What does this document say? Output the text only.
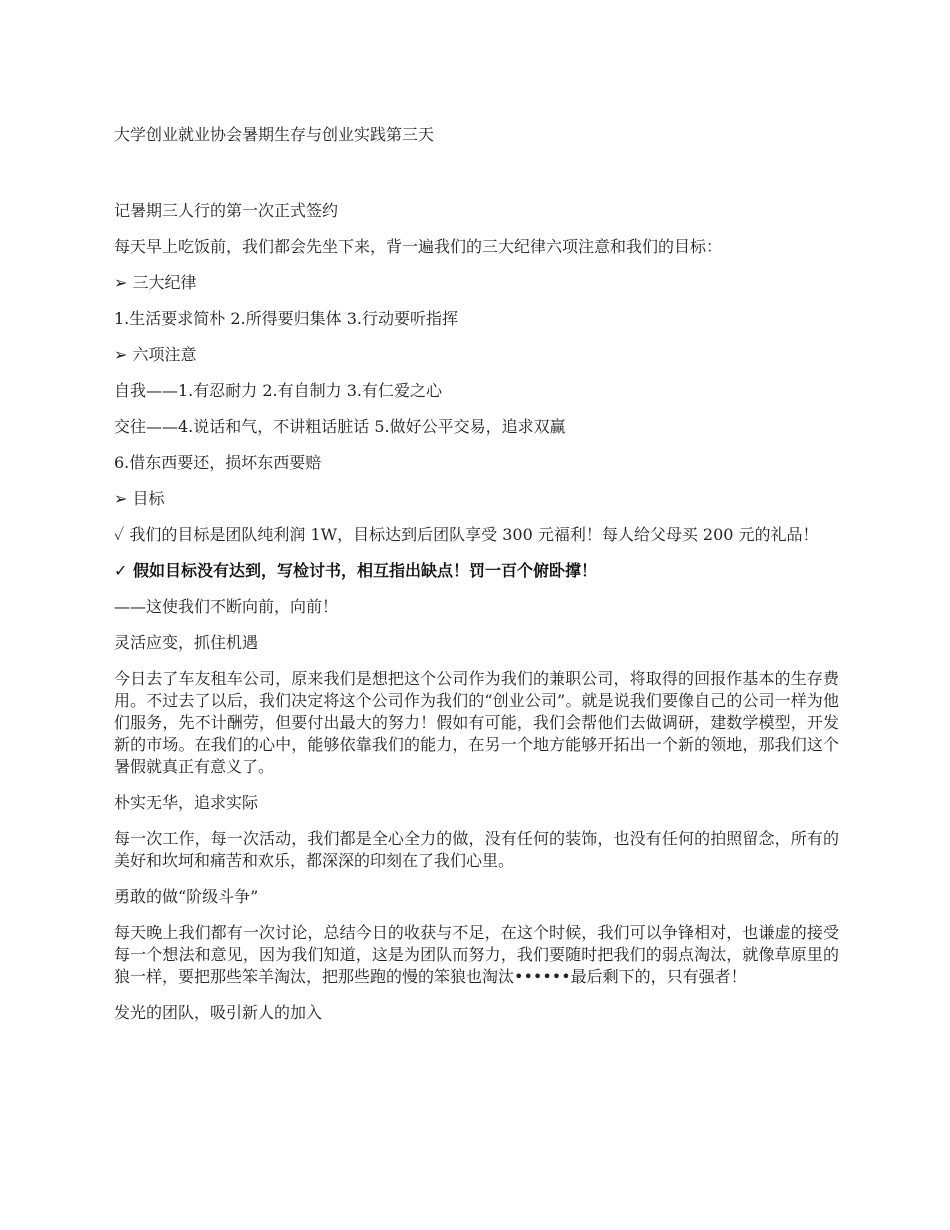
大学创业就业协会暑期生存与创业实践第三天

记暑期三人行的第一次正式签约

每天早上吃饭前，我们都会先坐下来，背一遍我们的三大纪律六项注意和我们的目标：

➢ 三大纪律

1.生活要求简朴 2.所得要归集体 3.行动要听指挥

➢ 六项注意

自我——1.有忍耐力 2.有自制力 3.有仁爱之心

交往——4.说话和气，不讲粗话脏话 5.做好公平交易，追求双赢

6.借东西要还，损坏东西要赔

➢ 目标

✓ 我们的目标是团队纯利润 1W，目标达到后团队享受 300 元福利！每人给父母买 200 元的礼品！

✓ 假如目标没有达到，写检讨书，相互指出缺点！罚一百个俯卧撑！

——这使我们不断向前，向前！

灵活应变，抓住机遇

今日去了车友租车公司，原来我们是想把这个公司作为我们的兼职公司，将取得的回报作基本的生存费用。不过去了以后，我们决定将这个公司作为我们的“创业公司”。就是说我们要像自己的公司一样为他们服务，先不计酬劳，但要付出最大的努力！假如有可能，我们会帮他们去做调研，建数学模型，开发新的市场。在我们的心中，能够依靠我们的能力，在另一个地方能够开拓出一个新的领地，那我们这个暑假就真正有意义了。

朴实无华，追求实际

每一次工作，每一次活动，我们都是全心全力的做，没有任何的装饰，也没有任何的拍照留念，所有的美好和坎坷和痛苦和欢乐，都深深的印刻在了我们心里。

勇敢的做“阶级斗争”

每天晚上我们都有一次讨论，总结今日的收获与不足，在这个时候，我们可以争锋相对，也谦虚的接受每一个想法和意见，因为我们知道，这是为团队而努力，我们要随时把我们的弱点淘汰，就像草原里的狼一样，要把那些笨羊淘汰，把那些跑的慢的笨狼也淘汰••••••最后剩下的，只有强者！

发光的团队，吸引新人的加入
